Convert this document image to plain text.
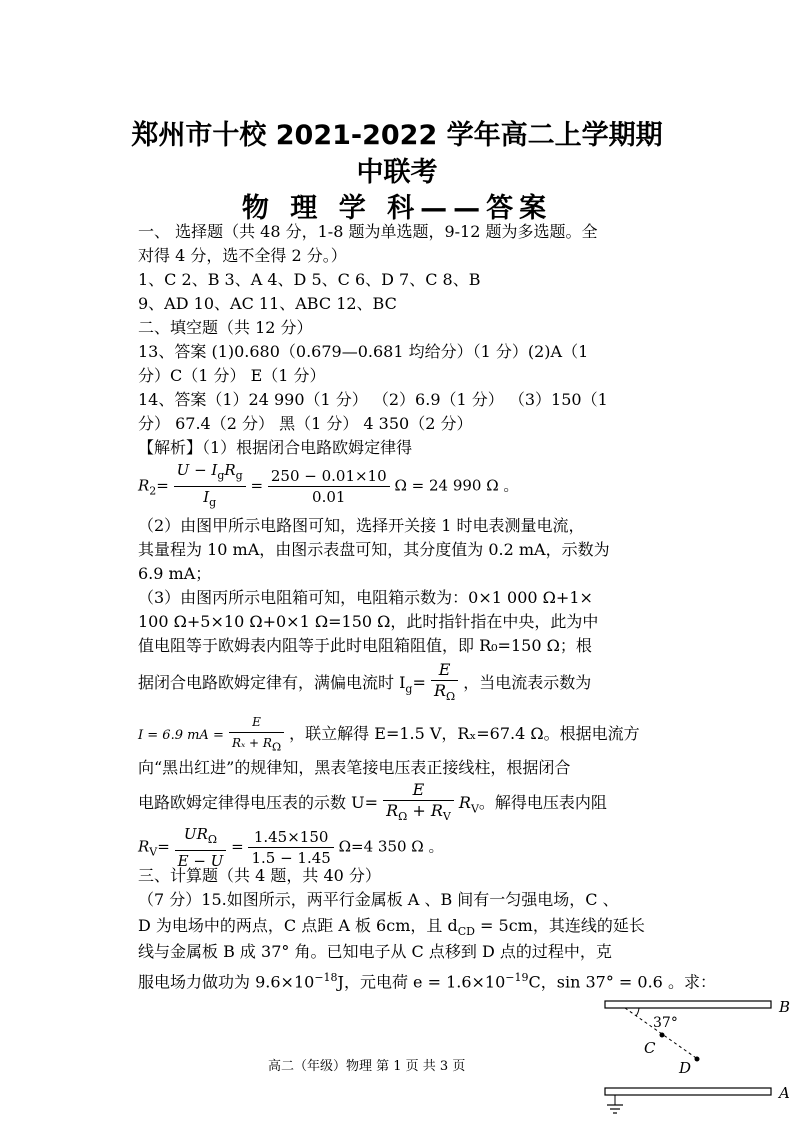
郑州市十校 2021-2022 学年高二上学期期
中联考
物 理 学 科——答案
一、 选择题（共 48 分，1-8 题为单选题，9-12 题为多选题。全
对得 4 分，选不全得 2 分。）
1、C 2、B 3、A 4、D 5、C 6、D 7、C 8、B
9、AD 10、AC 11、ABC 12、BC
二、填空题（共 12 分）
13、答案 (1)0.680（0.679—0.681 均给分）（1 分）(2)A（1
分）C（1 分） E（1 分）
14、答案（1）24 990（1 分） （2）6.9（1 分） （3）150（1
分） 67.4（2 分） 黑（1 分） 4 350（2 分）
【解析】（1）根据闭合电路欧姆定律得
$R_2= \frac{U - I_gR_g}{I_g} = \frac{250 - 0.01\times 10}{0.01}$ Ω = 24 990 Ω 。
（2）由图甲所示电路图可知，选择开关接 1 时电表测量电流，
其量程为 10 mA，由图示表盘可知，其分度值为 0.2 mA，示数为
6.9 mA；
（3）由图丙所示电阻箱可知，电阻箱示数为：0×1 000 Ω+1×
100 Ω+5×10 Ω+0×1 Ω=150 Ω，此时指针指在中央，此为中
值电阻等于欧姆表内阻等于此时电阻箱阻值，即 R₀=150 Ω；根
据闭合电路欧姆定律有，满偏电流时 $I_g= \frac{E}{R_\Omega}$ ，当电流表示数为
I = 6.9 mA = $\frac{E}{\text{Rₓ + RΩ}}$ ，联立解得 E=1.5 V，Rₓ=67.4 Ω。根据电流方
向“黑出红进”的规律知，黑表笔接电压表正接线柱，根据闭合
电路欧姆定律得电压表的示数 $U= \frac{E}{R_\Omega + R_V} R_V$。解得电压表内阻
$R_V= \frac{UR_\Omega}{E - U} = \frac{1.45\times 150}{1.5 - 1.45} \Omega=4$ 350 Ω 。
三、计算题（共 4 题，共 40 分）
（7 分）15.如图所示，两平行金属板 A 、B 间有一匀强电场，C 、
D 为电场中的两点，C 点距 A 板 6cm，且 $d_{CD} = 5cm$，其连线的延长
线与金属板 B 成 37° 角。已知电子从 C 点移到 D 点的过程中，克
服电场力做功为 $9.6\times 10^{-18}J$，元电荷 $e = 1.6\times 10^{-19}C$，sin 37° = 0.6 。求：
B
A
37°
C
D
高二（年级）物理 第 1 页 共 3 页
